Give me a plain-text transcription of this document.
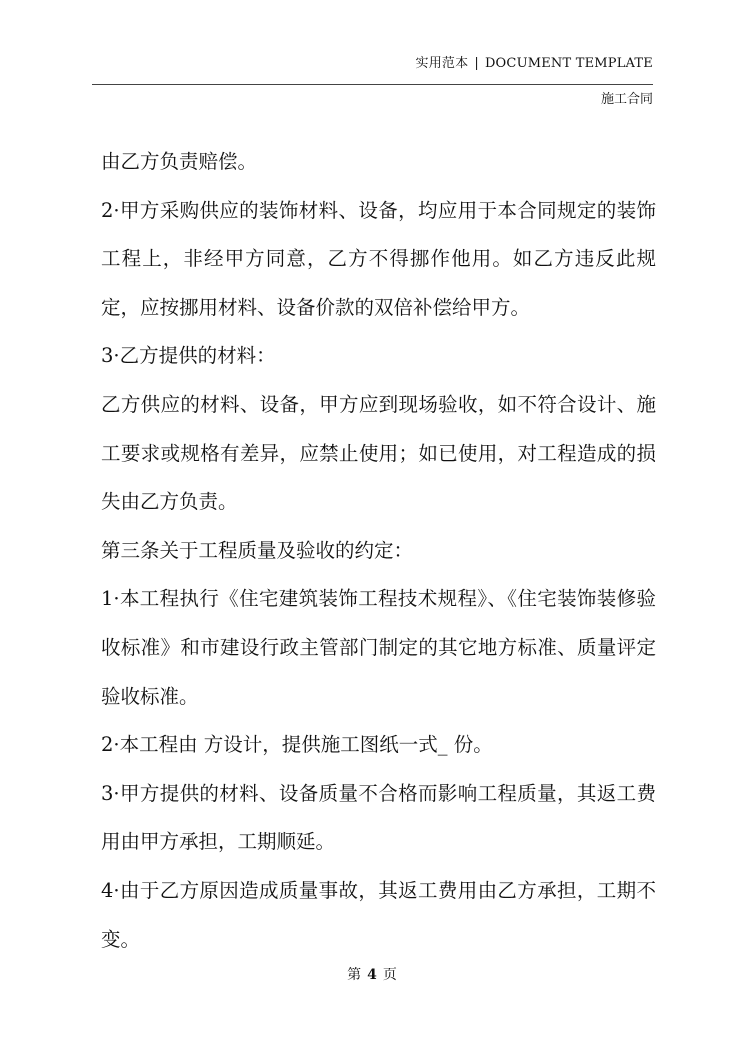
实用范本 | DOCUMENT TEMPLATE
施工合同

由乙方负责赔偿。

2·甲方采购供应的装饰材料、设备，均应用于本合同规定的装饰工程上，非经甲方同意，乙方不得挪作他用。如乙方违反此规定，应按挪用材料、设备价款的双倍补偿给甲方。

3·乙方提供的材料：

乙方供应的材料、设备，甲方应到现场验收，如不符合设计、施工要求或规格有差异，应禁止使用；如已使用，对工程造成的损失由乙方负责。

第三条关于工程质量及验收的约定：

1·本工程执行《住宅建筑装饰工程技术规程》、《住宅装饰装修验收标准》和市建设行政主管部门制定的其它地方标准、质量评定验收标准。

2·本工程由 方设计，提供施工图纸一式_ 份。

3·甲方提供的材料、设备质量不合格而影响工程质量，其返工费用由甲方承担，工期顺延。

4·由于乙方原因造成质量事故，其返工费用由乙方承担，工期不变。

第 4 页
